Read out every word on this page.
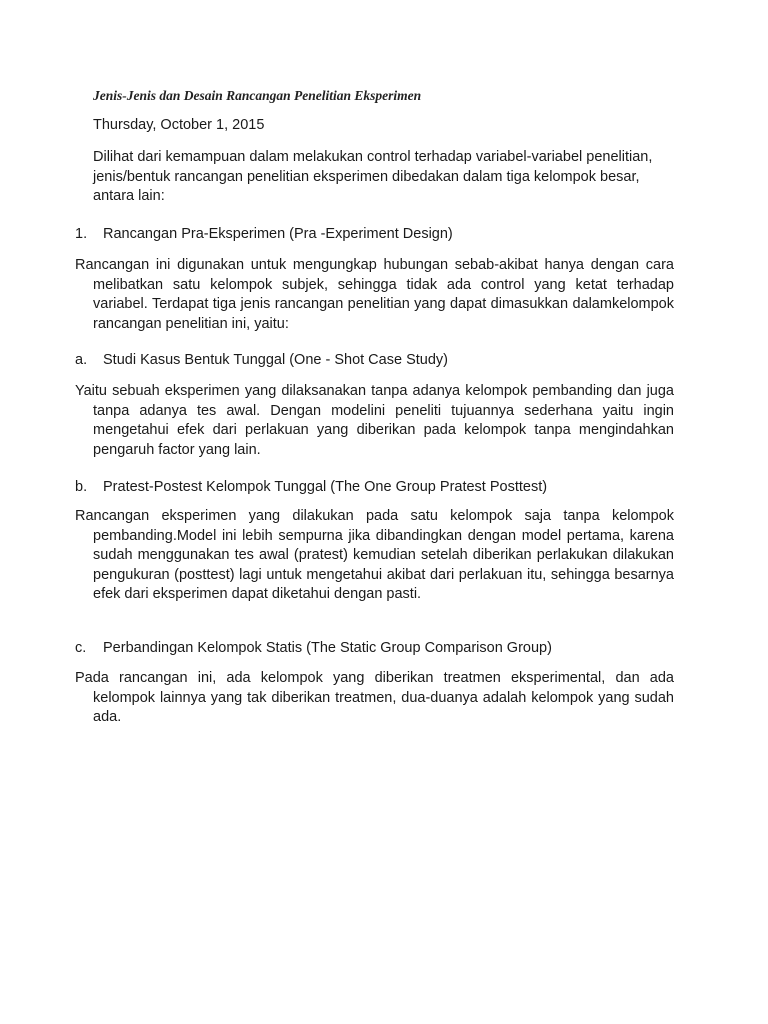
Jenis-Jenis dan Desain Rancangan Penelitian Eksperimen
Thursday, October 1, 2015
Dilihat dari kemampuan dalam melakukan control terhadap variabel-variabel penelitian, jenis/bentuk rancangan penelitian eksperimen dibedakan dalam tiga kelompok besar, antara lain:
1. Rancangan Pra-Eksperimen (Pra -Experiment Design)
Rancangan ini digunakan untuk mengungkap hubungan sebab-akibat hanya dengan cara melibatkan satu kelompok subjek, sehingga tidak ada control yang ketat terhadap variabel. Terdapat tiga jenis rancangan penelitian yang dapat dimasukkan dalamkelompok rancangan penelitian ini, yaitu:
a. Studi Kasus Bentuk Tunggal (One - Shot Case Study)
Yaitu sebuah eksperimen yang dilaksanakan tanpa adanya kelompok pembanding dan juga tanpa adanya tes awal. Dengan modelini peneliti tujuannya sederhana yaitu ingin mengetahui efek dari perlakuan yang diberikan pada kelompok tanpa mengindahkan pengaruh factor yang lain.
b. Pratest-Postest Kelompok Tunggal (The One Group Pratest Posttest)
Rancangan eksperimen yang dilakukan pada satu kelompok saja tanpa kelompok pembanding.Model ini lebih sempurna jika dibandingkan dengan model pertama, karena sudah menggunakan tes awal (pratest) kemudian setelah diberikan perlakukan dilakukan pengukuran (posttest) lagi untuk mengetahui akibat dari perlakuan itu, sehingga besarnya efek dari eksperimen dapat diketahui dengan pasti.
c. Perbandingan Kelompok Statis (The Static Group Comparison Group)
Pada rancangan ini, ada kelompok yang diberikan treatmen eksperimental, dan ada kelompok lainnya yang tak diberikan treatmen, dua-duanya adalah kelompok yang sudah ada.
